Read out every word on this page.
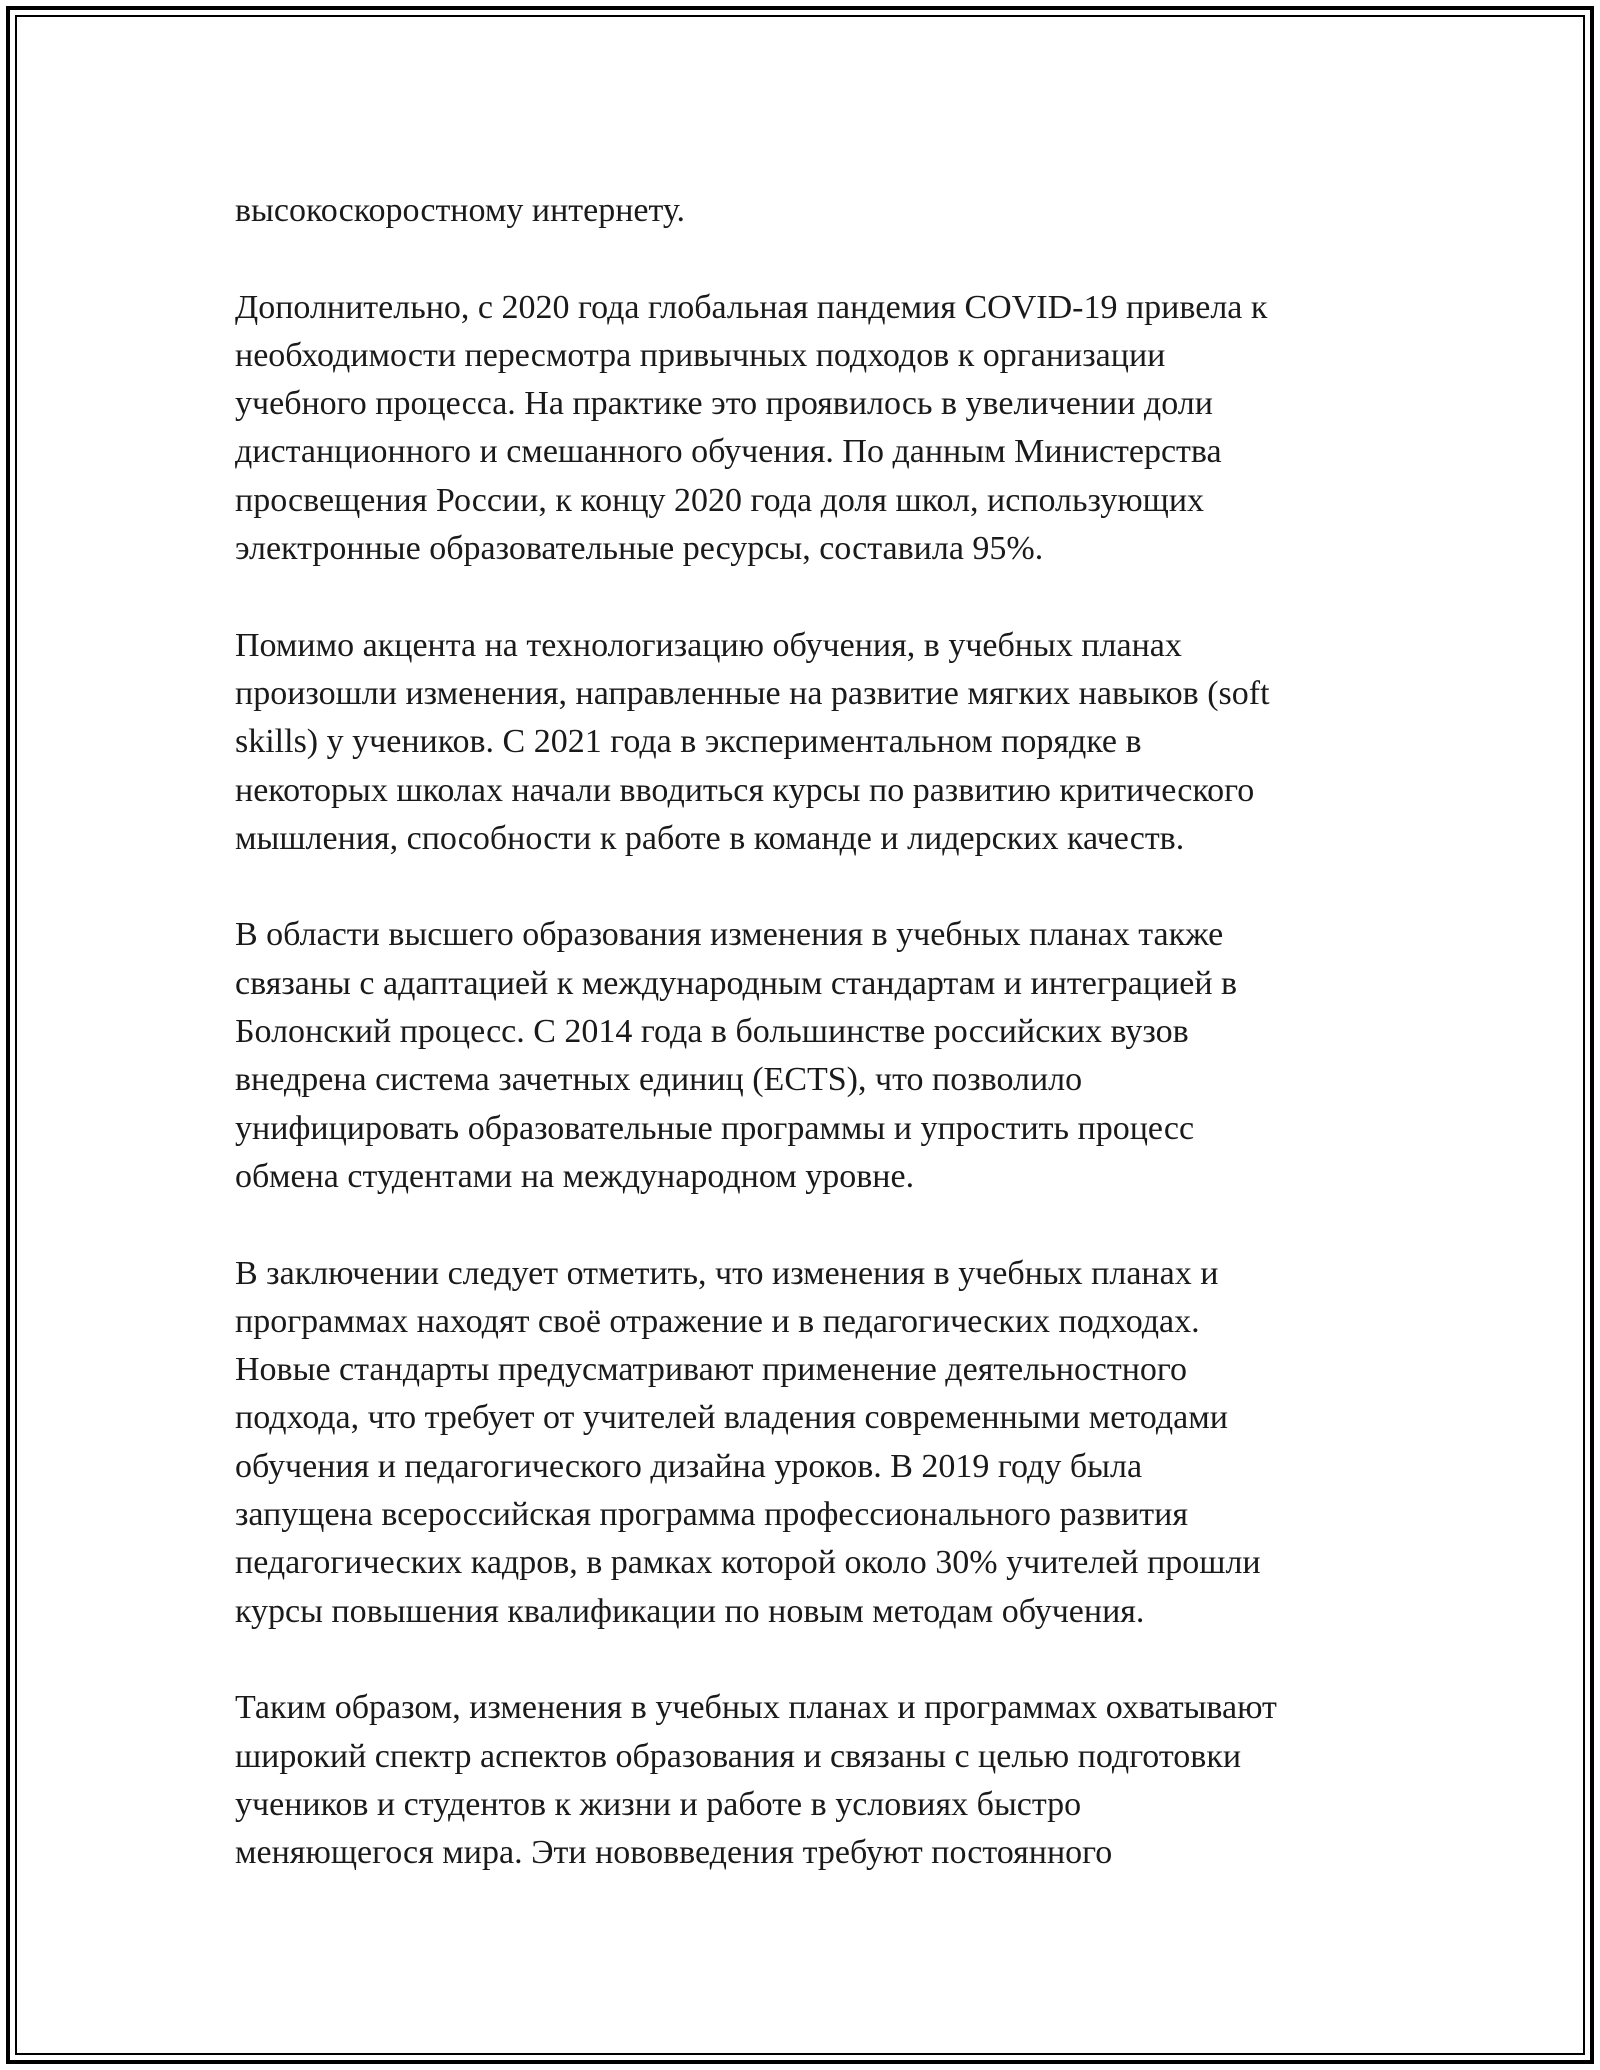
высокоскоростному интернету.

Дополнительно, с 2020 года глобальная пандемия COVID-19 привела к
необходимости пересмотра привычных подходов к организации
учебного процесса. На практике это проявилось в увеличении доли
дистанционного и смешанного обучения. По данным Министерства
просвещения России, к концу 2020 года доля школ, использующих
электронные образовательные ресурсы, составила 95%.

Помимо акцента на технологизацию обучения, в учебных планах
произошли изменения, направленные на развитие мягких навыков (soft
skills) у учеников. С 2021 года в экспериментальном порядке в
некоторых школах начали вводиться курсы по развитию критического
мышления, способности к работе в команде и лидерских качеств.

В области высшего образования изменения в учебных планах также
связаны с адаптацией к международным стандартам и интеграцией в
Болонский процесс. С 2014 года в большинстве российских вузов
внедрена система зачетных единиц (ECTS), что позволило
унифицировать образовательные программы и упростить процесс
обмена студентами на международном уровне.

В заключении следует отметить, что изменения в учебных планах и
программах находят своё отражение и в педагогических подходах.
Новые стандарты предусматривают применение деятельностного
подхода, что требует от учителей владения современными методами
обучения и педагогического дизайна уроков. В 2019 году была
запущена всероссийская программа профессионального развития
педагогических кадров, в рамках которой около 30% учителей прошли
курсы повышения квалификации по новым методам обучения.

Таким образом, изменения в учебных планах и программах охватывают
широкий спектр аспектов образования и связаны с целью подготовки
учеников и студентов к жизни и работе в условиях быстро
меняющегося мира. Эти нововведения требуют постоянного
